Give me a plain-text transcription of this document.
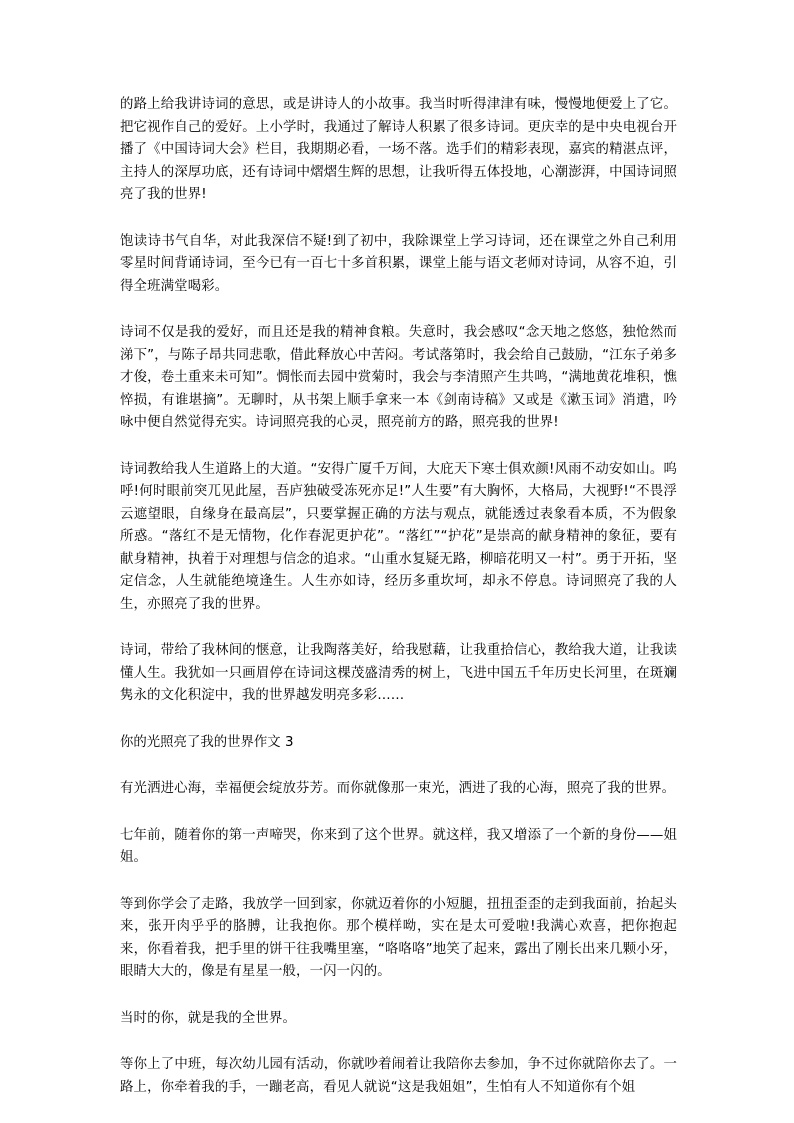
的路上给我讲诗词的意思，或是讲诗人的小故事。我当时听得津津有味，慢慢地便爱上了它。把它视作自己的爱好。上小学时，我通过了解诗人积累了很多诗词。更庆幸的是中央电视台开播了《中国诗词大会》栏目，我期期必看，一场不落。选手们的精彩表现，嘉宾的精湛点评，主持人的深厚功底，还有诗词中熠熠生辉的思想，让我听得五体投地，心潮澎湃，中国诗词照亮了我的世界!

饱读诗书气自华，对此我深信不疑!到了初中，我除课堂上学习诗词，还在课堂之外自己利用零星时间背诵诗词，至今已有一百七十多首积累，课堂上能与语文老师对诗词，从容不迫，引得全班满堂喝彩。

诗词不仅是我的爱好，而且还是我的精神食粮。失意时，我会感叹“念天地之悠悠，独怆然而涕下”，与陈子昂共同悲歌，借此释放心中苦闷。考试落第时，我会给自己鼓励，“江东子弟多才俊，卷土重来未可知”。惆怅而去园中赏菊时，我会与李清照产生共鸣，“满地黄花堆积，憔悴损，有谁堪摘”。无聊时，从书架上顺手拿来一本《剑南诗稿》又或是《漱玉词》消遣，吟咏中便自然觉得充实。诗词照亮我的心灵，照亮前方的路，照亮我的世界!

诗词教给我人生道路上的大道。“安得广厦千万间，大庇天下寒士俱欢颜!风雨不动安如山。呜呼!何时眼前突兀见此屋，吾庐独破受冻死亦足!”人生要”有大胸怀，大格局，大视野!“不畏浮云遮望眼，自缘身在最高层”，只要掌握正确的方法与观点，就能透过表象看本质，不为假象所惑。“落红不是无情物，化作春泥更护花”。“落红”“护花”是崇高的献身精神的象征，要有献身精神，执着于对理想与信念的追求。“山重水复疑无路，柳暗花明又一村”。勇于开拓，坚定信念，人生就能绝境逢生。人生亦如诗，经历多重坎坷，却永不停息。诗词照亮了我的人生，亦照亮了我的世界。

诗词，带给了我林间的惬意，让我陶落美好，给我慰藉，让我重拾信心，教给我大道，让我读懂人生。我犹如一只画眉停在诗词这棵茂盛清秀的树上，飞进中国五千年历史长河里，在斑斓隽永的文化积淀中，我的世界越发明亮多彩……

你的光照亮了我的世界作文 3

有光洒进心海，幸福便会绽放芬芳。而你就像那一束光，洒进了我的心海，照亮了我的世界。

七年前，随着你的第一声啼哭，你来到了这个世界。就这样，我又增添了一个新的身份——姐姐。

等到你学会了走路，我放学一回到家，你就迈着你的小短腿，扭扭歪歪的走到我面前，抬起头来，张开肉乎乎的胳膊，让我抱你。那个模样呦，实在是太可爱啦!我满心欢喜，把你抱起来，你看着我，把手里的饼干往我嘴里塞，“咯咯咯”地笑了起来，露出了刚长出来几颗小牙，眼睛大大的，像是有星星一般，一闪一闪的。

当时的你，就是我的全世界。

等你上了中班，每次幼儿园有活动，你就吵着闹着让我陪你去参加，争不过你就陪你去了。一路上，你牵着我的手，一蹦老高，看见人就说“这是我姐姐”，生怕有人不知道你有个姐
